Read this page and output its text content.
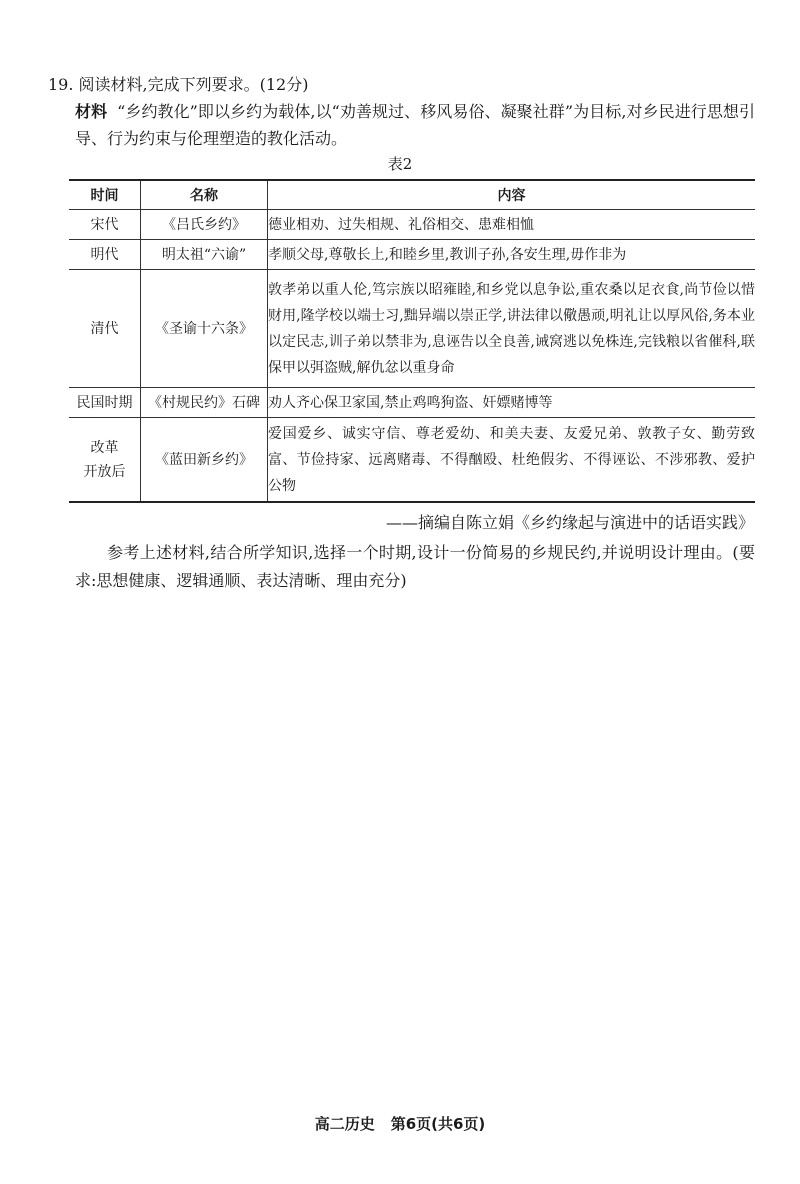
19. 阅读材料,完成下列要求。(12分)
材料 “乡约教化”即以乡约为载体,以“劝善规过、移风易俗、凝聚社群”为目标,对乡民进行思想引导、行为约束与伦理塑造的教化活动。
表2
时间	名称	内容
宋代	《吕氏乡约》	德业相劝、过失相规、礼俗相交、患难相恤
明代	明太祖“六谕”	孝顺父母,尊敬长上,和睦乡里,教训子孙,各安生理,毋作非为
清代	《圣谕十六条》	敦孝弟以重人伦,笃宗族以昭雍睦,和乡党以息争讼,重农桑以足衣食,尚节俭以惜财用,隆学校以端士习,黜异端以崇正学,讲法律以儆愚顽,明礼让以厚风俗,务本业以定民志,训子弟以禁非为,息诬告以全良善,诫窝逃以免株连,完钱粮以省催科,联保甲以弭盗贼,解仇忿以重身命
民国时期	《村规民约》石碑	劝人齐心保卫家国,禁止鸡鸣狗盗、奸嫖赌博等

改革
开放后	《蓝田新乡约》	爱国爱乡、诚实守信、尊老爱幼、和美夫妻、友爱兄弟、敦教子女、勤劳致富、节俭持家、远离赌毒、不得酗殴、杜绝假劣、不得诬讼、不涉邪教、爱护公物
——摘编自陈立娟《乡约缘起与演进中的话语实践》
参考上述材料,结合所学知识,选择一个时期,设计一份简易的乡规民约,并说明设计理由。(要求:思想健康、逻辑通顺、表达清晰、理由充分)
高二历史 第6页(共6页)
